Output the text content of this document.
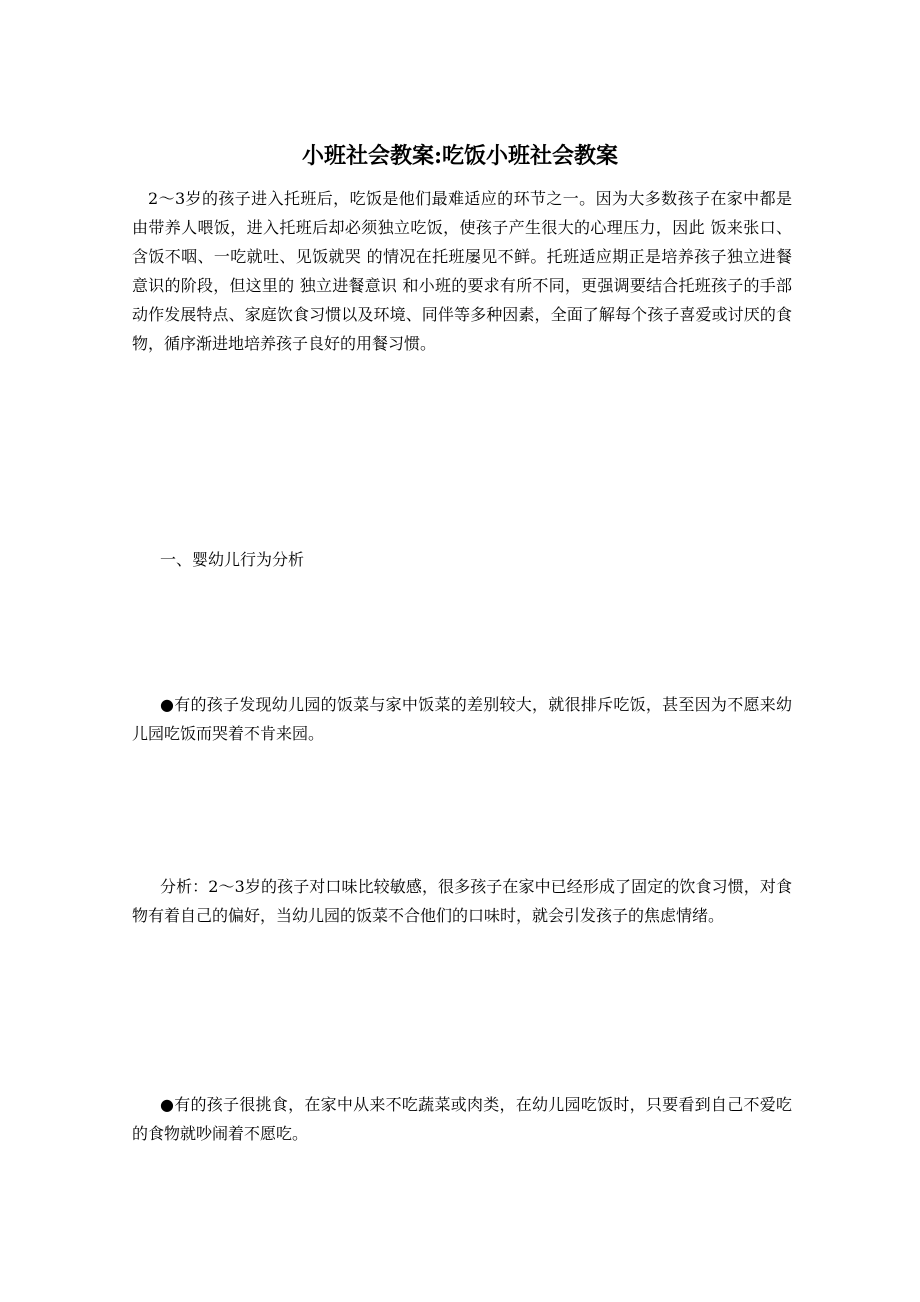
小班社会教案:吃饭小班社会教案

2～3岁的孩子进入托班后，吃饭是他们最难适应的环节之一。因为大多数孩子在家中都是由带养人喂饭，进入托班后却必须独立吃饭，使孩子产生很大的心理压力，因此 饭来张口、含饭不咽、一吃就吐、见饭就哭 的情况在托班屡见不鲜。托班适应期正是培养孩子独立进餐意识的阶段，但这里的 独立进餐意识 和小班的要求有所不同，更强调要结合托班孩子的手部动作发展特点、家庭饮食习惯以及环境、同伴等多种因素，全面了解每个孩子喜爱或讨厌的食物，循序渐进地培养孩子良好的用餐习惯。

一、婴幼儿行为分析

●有的孩子发现幼儿园的饭菜与家中饭菜的差别较大，就很排斥吃饭，甚至因为不愿来幼儿园吃饭而哭着不肯来园。

分析：2～3岁的孩子对口味比较敏感，很多孩子在家中已经形成了固定的饮食习惯，对食物有着自己的偏好，当幼儿园的饭菜不合他们的口味时，就会引发孩子的焦虑情绪。

●有的孩子很挑食，在家中从来不吃蔬菜或肉类，在幼儿园吃饭时，只要看到自己不爱吃的食物就吵闹着不愿吃。
